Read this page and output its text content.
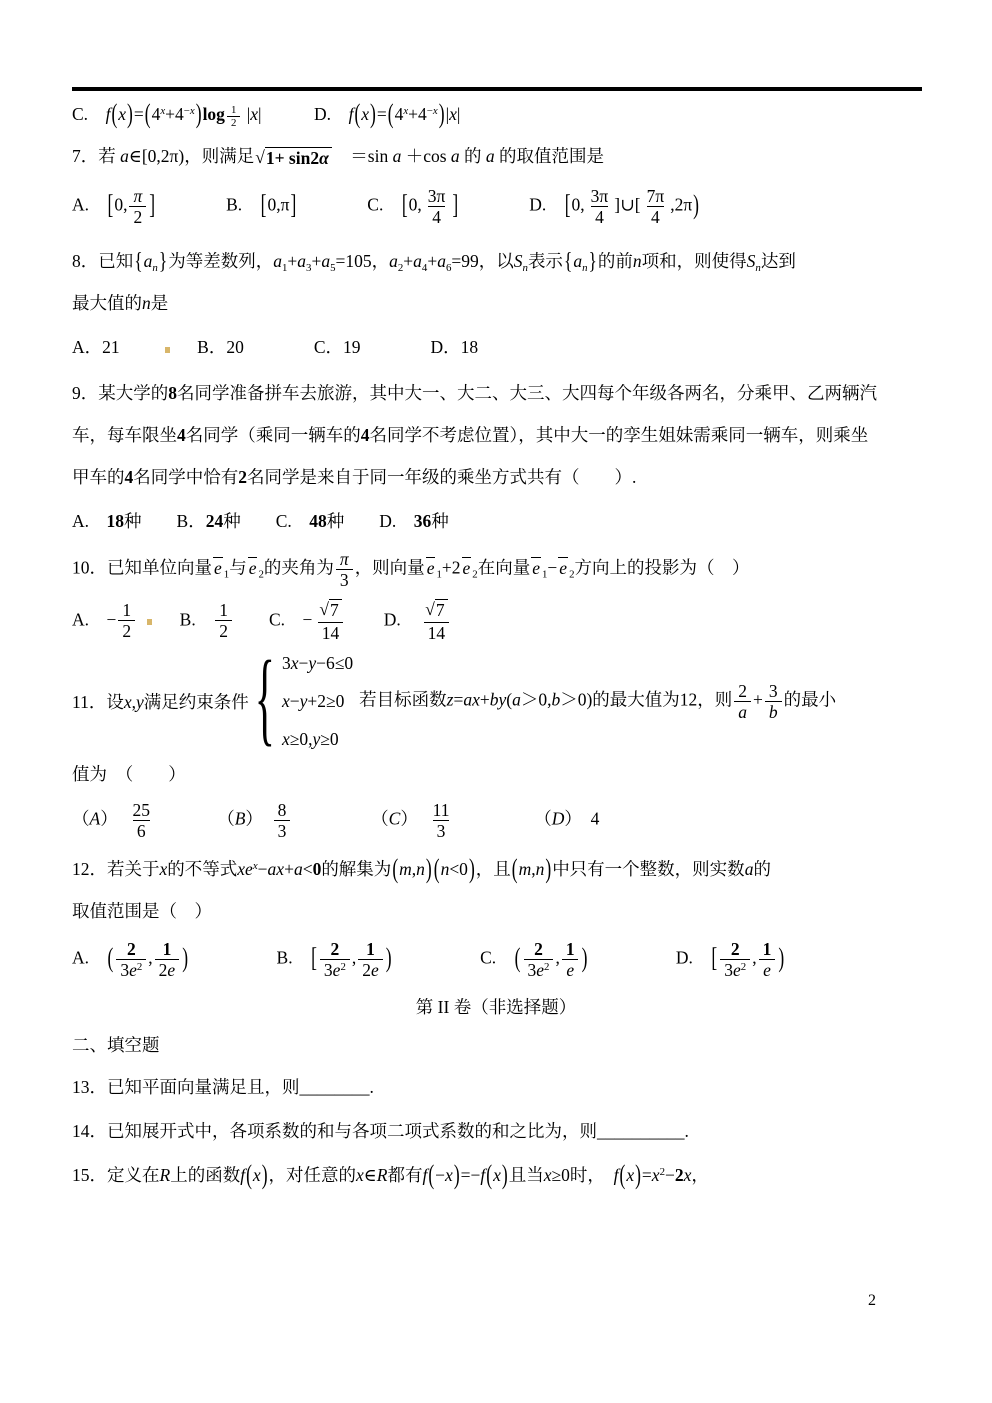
C.　$f(x)=(4^x+4^{-x})\log$ $_{\frac{1}{2}}$ |x|　　　D.　$f(x)=(4^x+4^{-x})|x|$
7．若 a∈[0,2π)，则满足 √ 1+ sin2α 　＝sin a ＋cos a 的 a 的取值范围是
A.　[0, $\frac{\pi}{2}$ ]　　　　B.　[0,π]　　　　C.　[0, $\frac{3\pi}{4}$ ]　　　　D.　[0, $\frac{3\pi}{4}$ ]∪[ $\frac{7\pi}{4} ,2\pi$)
8．已知$\{a_n\}$为等差数列，$a_1+a_3+a_5=105$，$a_2+a_4+a_6=99$，以$S_n$表示$\{a_n\}$的前n项和，则使得$S_n$达到
最大值的n是
A．21　　　B．20　　　　C．19　　　　D．18
9．某大学的8名同学准备拼车去旅游，其中大一、大二、大三、大四每个年级各两名，分乘甲、乙两辆汽
车，每车限坐4名同学（乘同一辆车的4名同学不考虑位置），其中大一的孪生姐妹需乘同一辆车，则乘坐
甲车的4名同学中恰有2名同学是来自于同一年级的乘坐方式共有（　　）.
A.　18种　　B．24种　　C.　48种　　D.　36种
10．已知单位向量 e $_1$与 e $_2$的夹角为 $\frac{\pi}{3}$ ，则向量 e $_1$+2 e $_2$在向量 e $_1$− e $_2$方向上的投影为（　）
A.　− $\frac{1}{2}$ 　B.　 $\frac{1}{2}$ 　　C.　− $\frac{√ 7}{14}$ 　　D.　 $\frac{√ 7}{14}$
11．设x,y满足约束条件 { 3x−y−6≤0
x−y+2≥0
x≥0,y≥0
若目标函数z=ax+by(a＞0,b＞0)的最大值为12，则 $\frac{2}{a} + \frac{3}{b}$ 的最小
值为　（　　）
（A）　 $\frac{25}{6}$ 　　　　（B）　 $\frac{8}{3}$ 　　　　　（C）　 $\frac{11}{3}$ 　　　　　（D）　4
12．若关于x的不等式$xe^x-ax+a<0$的解集为(m,n) (n<0)，且(m,n)中只有一个整数，则实数a的
取值范围是（　）
A.　( $\frac{2}{3e^2}$ , $\frac{1}{2e}$ )　　　　　B.　[ $\frac{2}{3e^2}$ , $\frac{1}{2e}$ )　　　　　C.　( $\frac{2}{3e^2}$ , $\frac{1}{e}$ )　　　　　D.　[ $\frac{2}{3e^2}$ , $\frac{1}{e}$ )
第 II 卷（非选择题）
二、填空题
13．已知平面向量满足且，则________.
14．已知展开式中，各项系数的和与各项二项式系数的和之比为，则__________.
15．定义在R上的函数f(x)，对任意的x∈R都有f(−x)=−f(x)且当x≥0时，　$f(x)=x^2-2x$，
2
